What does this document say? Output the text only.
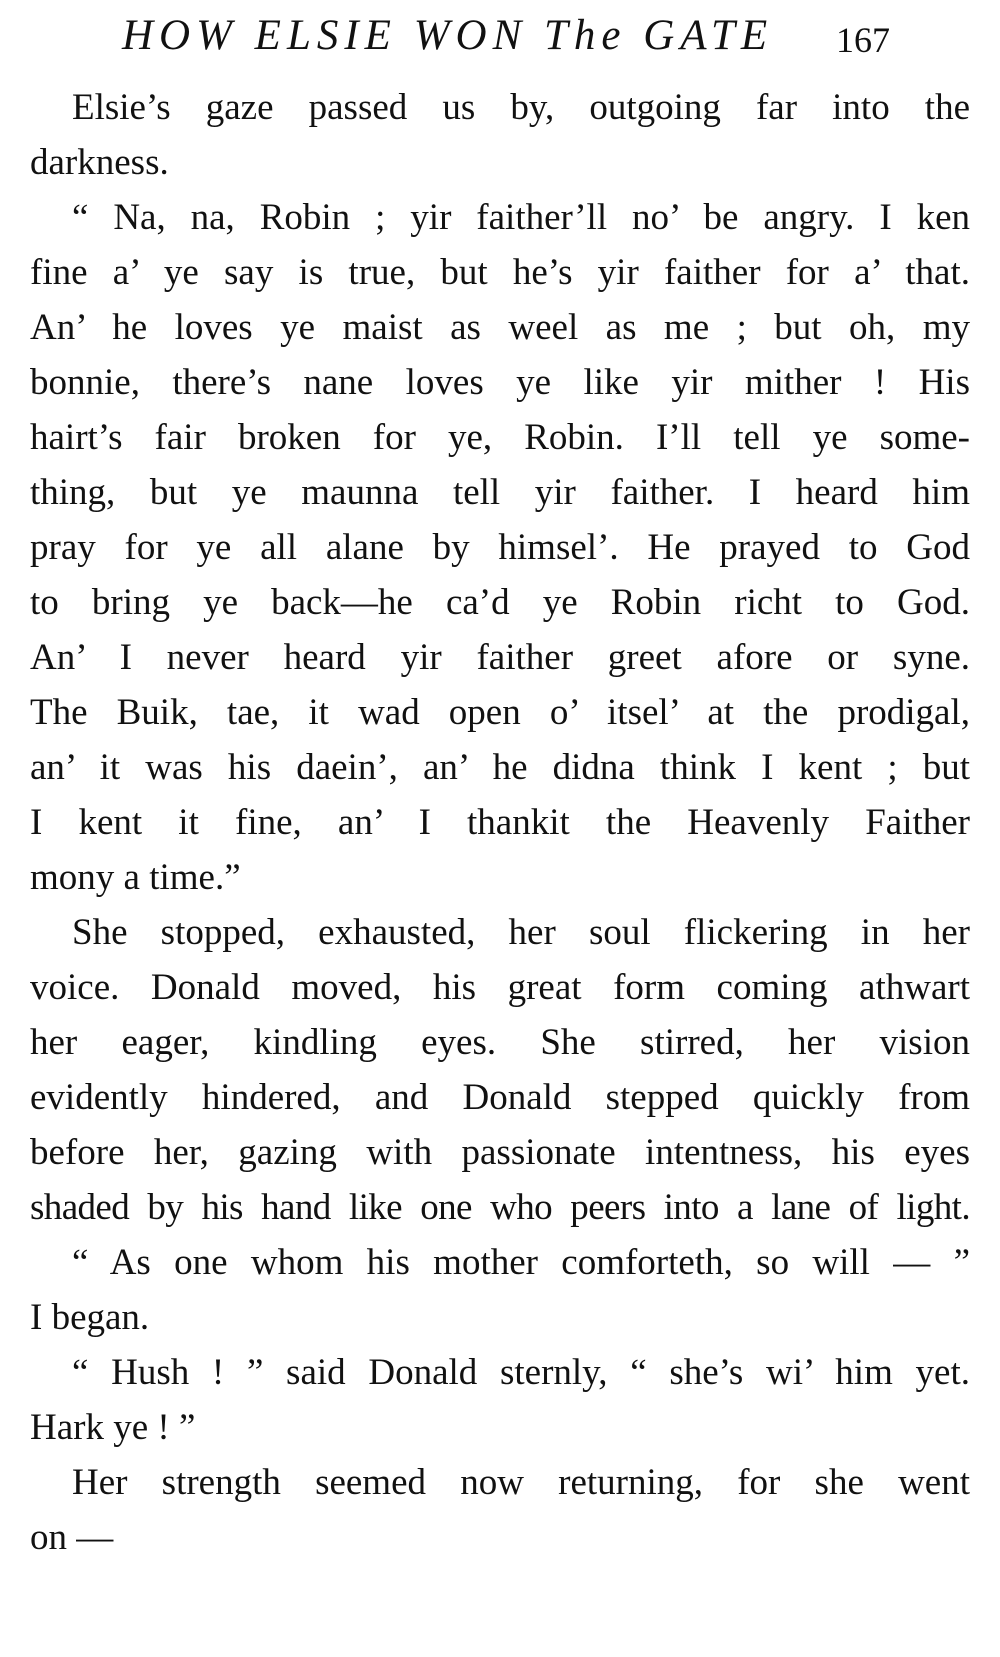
HOW ELSIE WON The GATE 167
Elsie’s gaze passed us by, outgoing far into the
darkness.
“ Na, na, Robin ; yir faither’ll no’ be angry. I ken
fine a’ ye say is true, but he’s yir faither for a’ that.
An’ he loves ye maist as weel as me ; but oh, my
bonnie, there’s nane loves ye like yir mither ! His
hairt’s fair broken for ye, Robin. I’ll tell ye some-
thing, but ye maunna tell yir faither. I heard him
pray for ye all alane by himsel’. He prayed to God
to bring ye back—he ca’d ye Robin richt to God.
An’ I never heard yir faither greet afore or syne.
The Buik, tae, it wad open o’ itsel’ at the prodigal,
an’ it was his daein’, an’ he didna think I kent ; but
I kent it fine, an’ I thankit the Heavenly Faither
mony a time.”
She stopped, exhausted, her soul flickering in her
voice. Donald moved, his great form coming athwart
her eager, kindling eyes. She stirred, her vision
evidently hindered, and Donald stepped quickly from
before her, gazing with passionate intentness, his eyes
shaded by his hand like one who peers into a lane of light.
“ As one whom his mother comforteth, so will — ”
I began.
“ Hush ! ” said Donald sternly, “ she’s wi’ him yet.
Hark ye ! ”
Her strength seemed now returning, for she went
on —
